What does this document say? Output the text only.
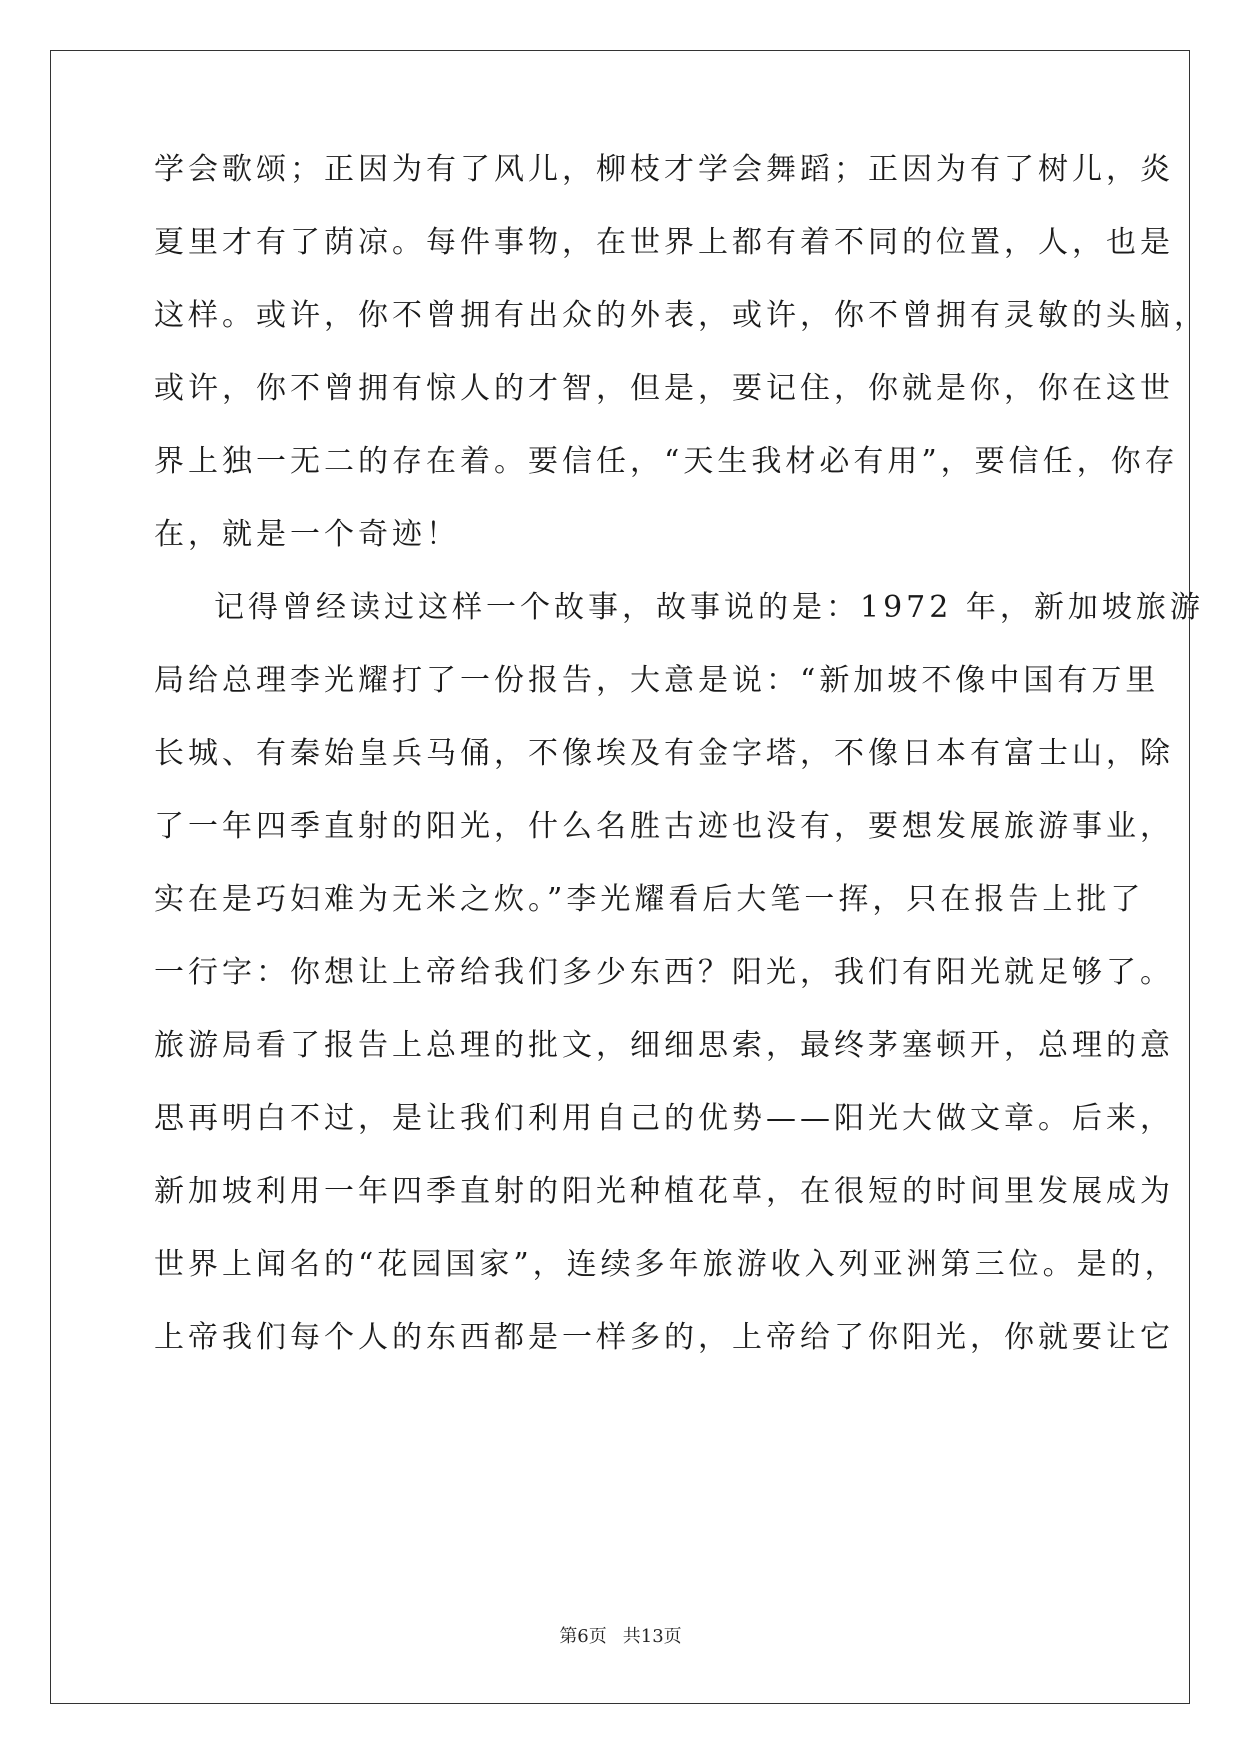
学会歌颂；正因为有了风儿，柳枝才学会舞蹈；正因为有了树儿，炎
夏里才有了荫凉。每件事物，在世界上都有着不同的位置，人，也是
这样。或许，你不曾拥有出众的外表，或许，你不曾拥有灵敏的头脑，
或许，你不曾拥有惊人的才智，但是，要记住，你就是你，你在这世
界上独一无二的存在着。要信任，“天生我材必有用”，要信任，你存
在，就是一个奇迹！
记得曾经读过这样一个故事，故事说的是：1972 年，新加坡旅游
局给总理李光耀打了一份报告，大意是说：“新加坡不像中国有万里
长城、有秦始皇兵马俑，不像埃及有金字塔，不像日本有富士山，除
了一年四季直射的阳光，什么名胜古迹也没有，要想发展旅游事业，
实在是巧妇难为无米之炊。”李光耀看后大笔一挥，只在报告上批了
一行字：你想让上帝给我们多少东西？阳光，我们有阳光就足够了。
旅游局看了报告上总理的批文，细细思索，最终茅塞顿开，总理的意
思再明白不过，是让我们利用自己的优势——阳光大做文章。后来，
新加坡利用一年四季直射的阳光种植花草，在很短的时间里发展成为
世界上闻名的“花园国家”，连续多年旅游收入列亚洲第三位。是的，
上帝我们每个人的东西都是一样多的，上帝给了你阳光，你就要让它
第6页 共13页
